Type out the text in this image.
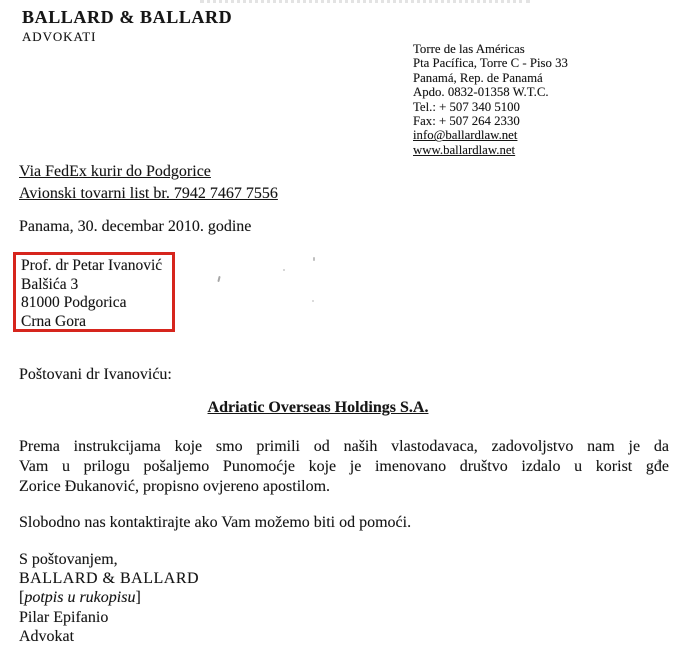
BALLARD & BALLARD
ADVOKATI
Torre de las Américas
Pta Pacífica, Torre C - Piso 33
Panamá, Rep. de Panamá
Apdo. 0832-01358 W.T.C.
Tel.: + 507 340 5100
Fax: + 507 264 2330
info@ballardlaw.net
www.ballardlaw.net
Via FedEx kurir do Podgorice
Avionski tovarni list br. 7942 7467 7556
Panama, 30. decembar 2010. godine
Prof. dr Petar Ivanović
Balšića 3
81000 Podgorica
Crna Gora
Poštovani dr Ivanoviću:
Adriatic Overseas Holdings S.A.
Prema instrukcijama koje smo primili od naših vlastodavaca, zadovoljstvo nam je da
Vam u prilogu pošaljemo Punomoćje koje je imenovano društvo izdalo u korist gđe
Zorice Đukanović, propisno ovjereno apostilom.
Slobodno nas kontaktirajte ako Vam možemo biti od pomoći.
S poštovanjem,
BALLARD & BALLARD
[potpis u rukopisu]
Pilar Epifanio
Advokat
